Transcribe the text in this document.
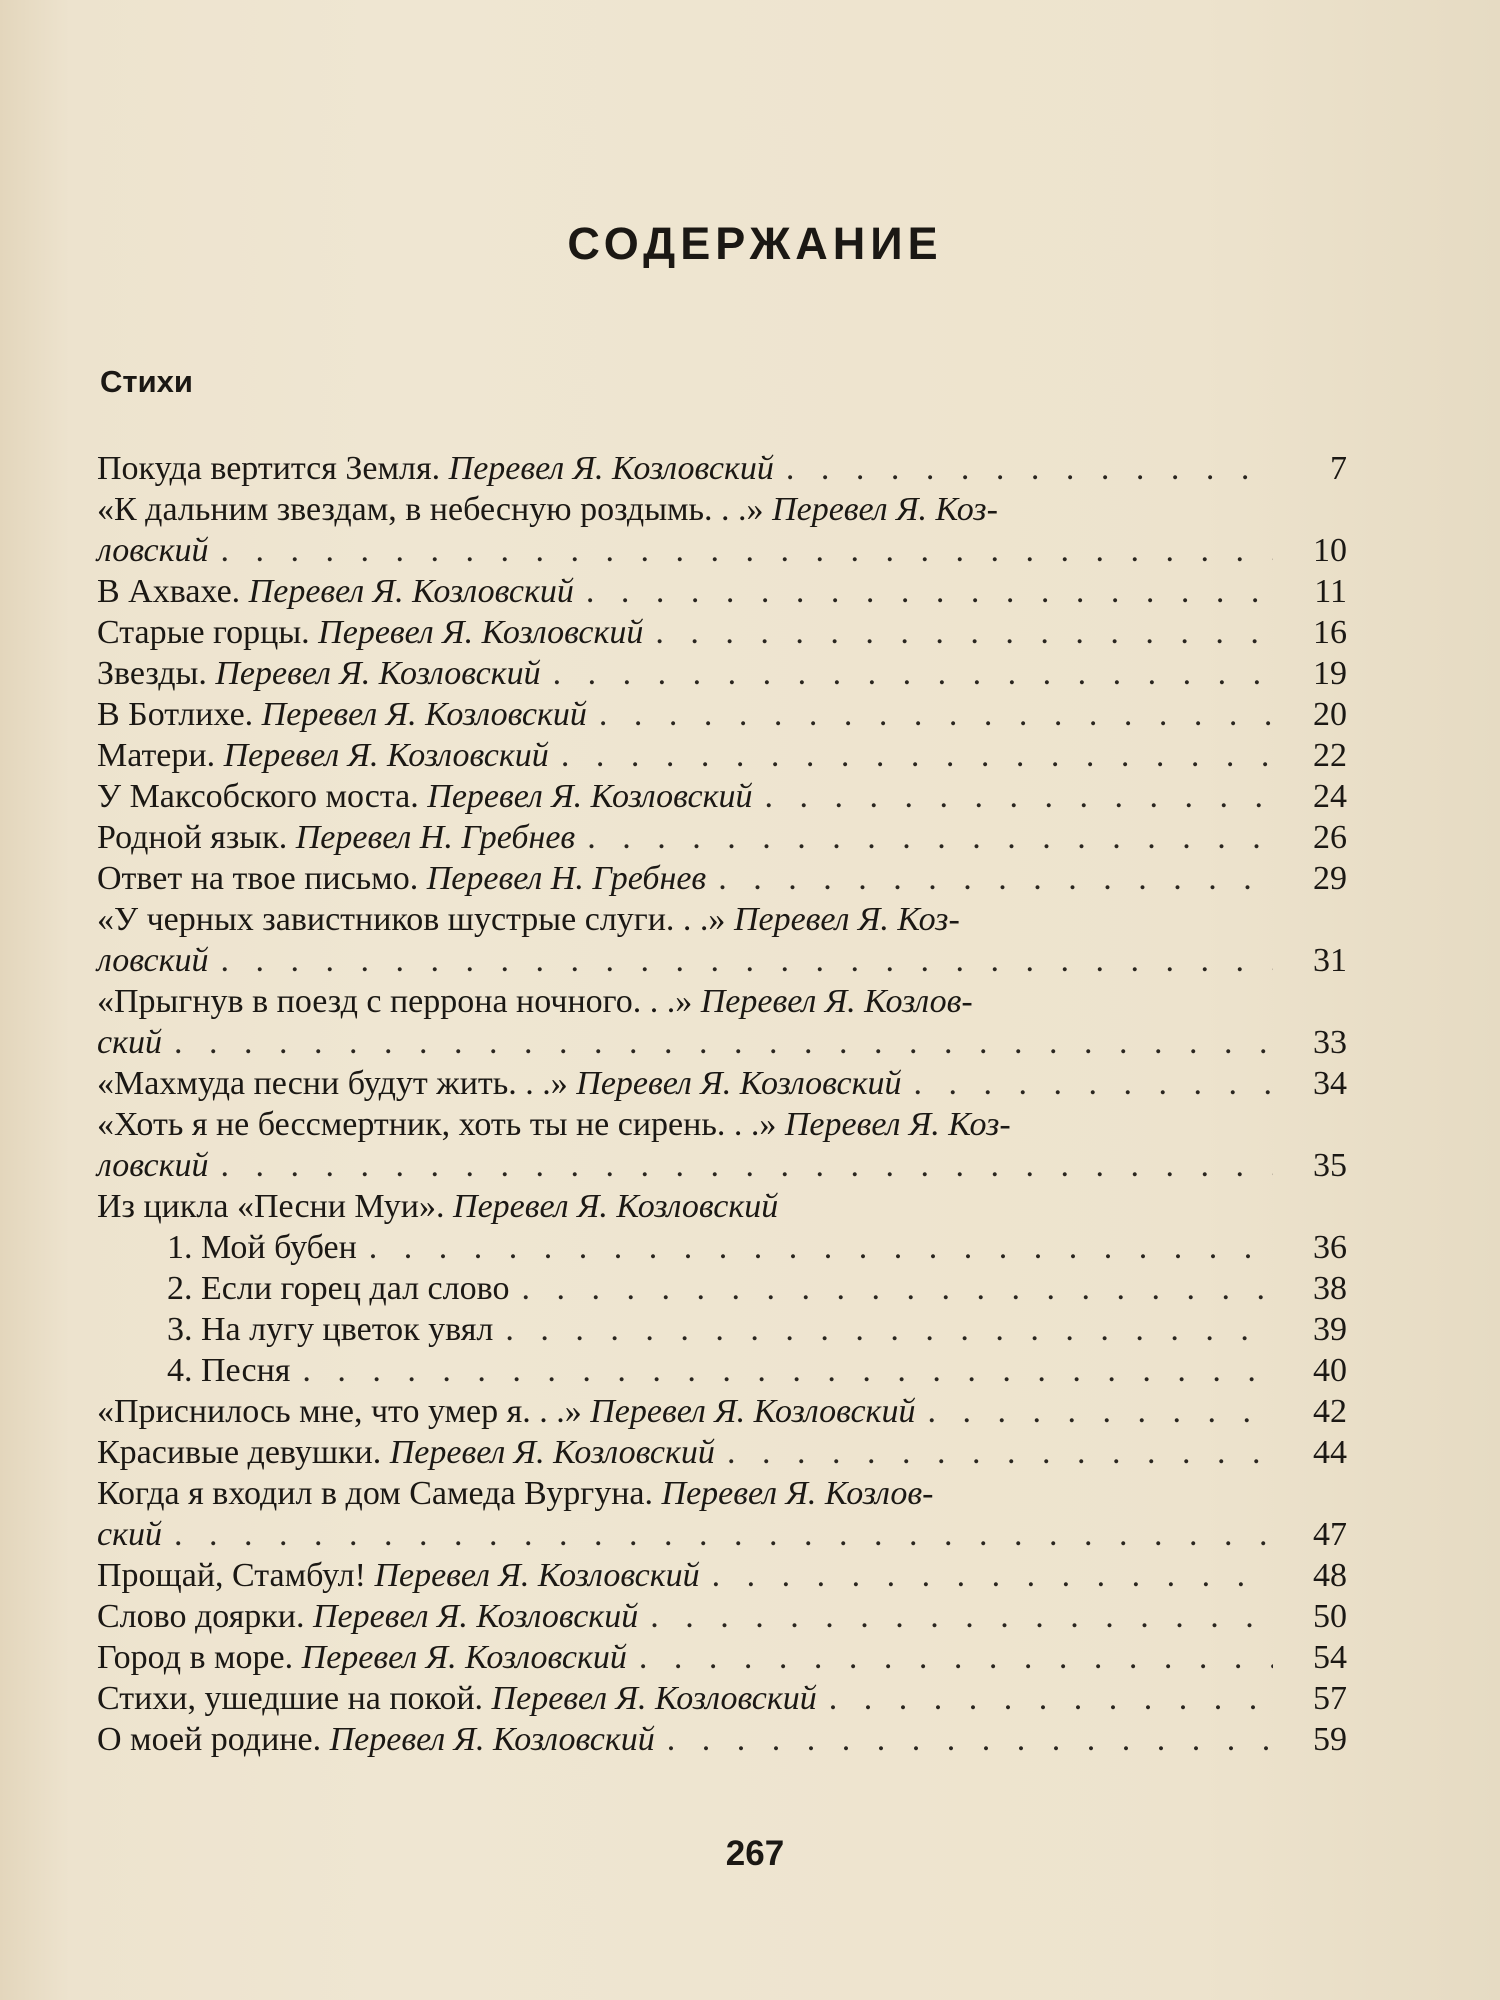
СОДЕРЖАНИЕ
Стихи
Покуда вертится Земля. Перевел Я. Козловский . . .	7
«К дальним звездам, в небесную роздымь. . .» Перевел Я. Коз-
ловский . . .	10
В Ахвахе. Перевел Я. Козловский . . .	11
Старые горцы. Перевел Я. Козловский . . .	16
Звезды. Перевел Я. Козловский . . .	19
В Ботлихе. Перевел Я. Козловский . . .	20
Матери. Перевел Я. Козловский . . .	22
У Максобского моста. Перевел Я. Козловский . . .	24
Родной язык. Перевел Н. Гребнев . . .	26
Ответ на твое письмо. Перевел Н. Гребнев . . .	29
«У черных завистников шустрые слуги. . .» Перевел Я. Коз-
ловский . . .	31
«Прыгнув в поезд с перрона ночного. . .» Перевел Я. Козлов-
ский . . .	33
«Махмуда песни будут жить. . .» Перевел Я. Козловский . . .	34
«Хоть я не бессмертник, хоть ты не сирень. . .» Перевел Я. Коз-
ловский . . .	35
Из цикла «Песни Муи». Перевел Я. Козловский
1. Мой бубен . . .	36
2. Если горец дал слово . . .	38
3. На лугу цветок увял . . .	39
4. Песня . . .	40
«Приснилось мне, что умер я. . .» Перевел Я. Козловский . . .	42
Красивые девушки. Перевел Я. Козловский . . .	44
Когда я входил в дом Самеда Вургуна. Перевел Я. Козлов-
ский . . .	47
Прощай, Стамбул! Перевел Я. Козловский . . .	48
Слово доярки. Перевел Я. Козловский . . .	50
Город в море. Перевел Я. Козловский . . .	54
Стихи, ушедшие на покой. Перевел Я. Козловский . . .	57
О моей родине. Перевел Я. Козловский . . .	59
267
